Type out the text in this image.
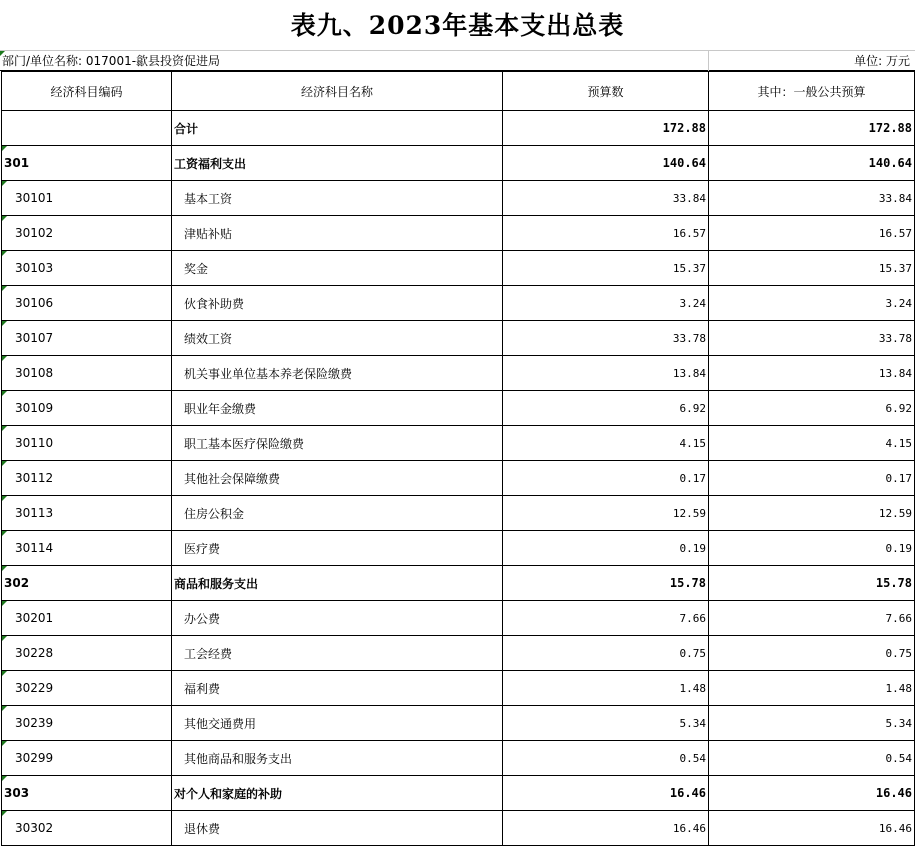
表九、2023年基本支出总表
部门/单位名称: 017001-歙县投资促进局	单位: 万元
经济科目编码	经济科目名称	预算数	其中：一般公共预算
	合计	172.88	172.88

301	工资福利支出	140.64	140.64

30101	基本工资	33.84	33.84

30102	津贴补贴	16.57	16.57

30103	奖金	15.37	15.37

30106	伙食补助费	3.24	3.24

30107	绩效工资	33.78	33.78

30108	机关事业单位基本养老保险缴费	13.84	13.84

30109	职业年金缴费	6.92	6.92

30110	职工基本医疗保险缴费	4.15	4.15

30112	其他社会保障缴费	0.17	0.17

30113	住房公积金	12.59	12.59

30114	医疗费	0.19	0.19

302	商品和服务支出	15.78	15.78

30201	办公费	7.66	7.66

30228	工会经费	0.75	0.75

30229	福利费	1.48	1.48

30239	其他交通费用	5.34	5.34

30299	其他商品和服务支出	0.54	0.54

303	对个人和家庭的补助	16.46	16.46

30302	退休费	16.46	16.46
